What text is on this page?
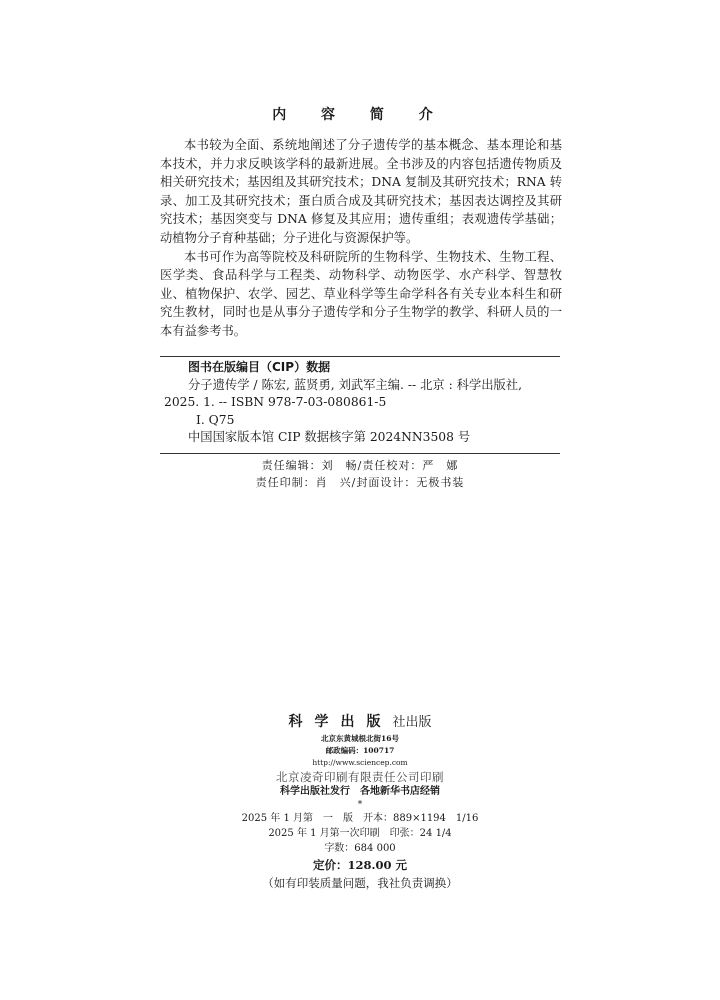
内 容 简 介

本书较为全面、系统地阐述了分子遗传学的基本概念、基本理论和基本技术，并力求反映该学科的最新进展。全书涉及的内容包括遗传物质及相关研究技术；基因组及其研究技术；DNA 复制及其研究技术；RNA 转录、加工及其研究技术；蛋白质合成及其研究技术；基因表达调控及其研究技术；基因突变与 DNA 修复及其应用；遗传重组；表观遗传学基础；动植物分子育种基础；分子进化与资源保护等。

本书可作为高等院校及科研院所的生物科学、生物技术、生物工程、医学类、食品科学与工程类、动物科学、动物医学、水产科学、智慧牧业、植物保护、农学、园艺、草业科学等生命学科各有关专业本科生和研究生教材，同时也是从事分子遗传学和分子生物学的教学、科研人员的一本有益参考书。

图书在版编目（CIP）数据
分子遗传学 / 陈宏, 蓝贤勇, 刘武军主编. -- 北京 : 科学出版社,
2025. 1. -- ISBN 978-7-03-080861-5
Ⅰ. Q75
中国国家版本馆 CIP 数据核字第 2024NN3508 号
责任编辑：刘　畅/责任校对：严　娜
责任印制：肖　兴/封面设计：无极书装
科学出版社出版
北京东黄城根北街16号
邮政编码：100717
http://www.sciencep.com
北京凌奇印刷有限责任公司印刷
科学出版社发行　各地新华书店经销
*
2025 年 1 月第　一　版　开本：889×1194　1/16
2025 年 1 月第一次印刷　印张：24 1/4
字数：684 000
定价：128.00 元
（如有印装质量问题，我社负责调换）
